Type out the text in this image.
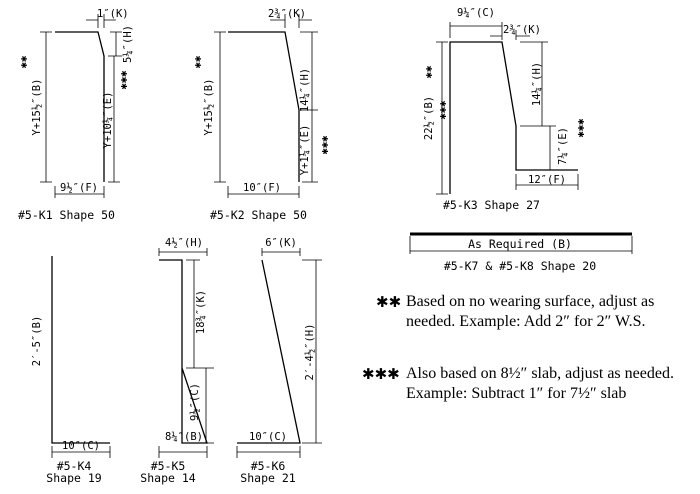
1″(K)
5¼″(H)
Y+15½″(B)	Y+10¼″(E)
✱✱
✱✱✱
9½″(F)
#5-K1 Shape 50
2¾″(K)
Y+15½″(B)	14¼″(H)
Y+1¼″(E)
✱✱
✱✱✱
10″(F)
#5-K2 Shape 50
9¼″(C)
2¾″(K)
22½″(B)
✱✱
✱✱✱
14¼″(H)
7¼″(E) ✱✱✱
12″(F)
#5-K3 Shape 27
As Required (B)
#5-K7 & #5-K8 Shape 20
2′-5″(B)
10″(C)
#5-K4
Shape 19
4½″(H)
18¾″(K)
9½″(C)
8¼″(B)
#5-K5
Shape 14
6″(K)
2′-4½″(H)
10″(C)
#5-K6
Shape 21
✱✱ Based on no wearing surface, adjust as needed. Example: Add 2″ for 2″ W.S.
✱✱✱ Also based on 8½″ slab, adjust as needed. Example: Subtract 1″ for 7½″ slab
